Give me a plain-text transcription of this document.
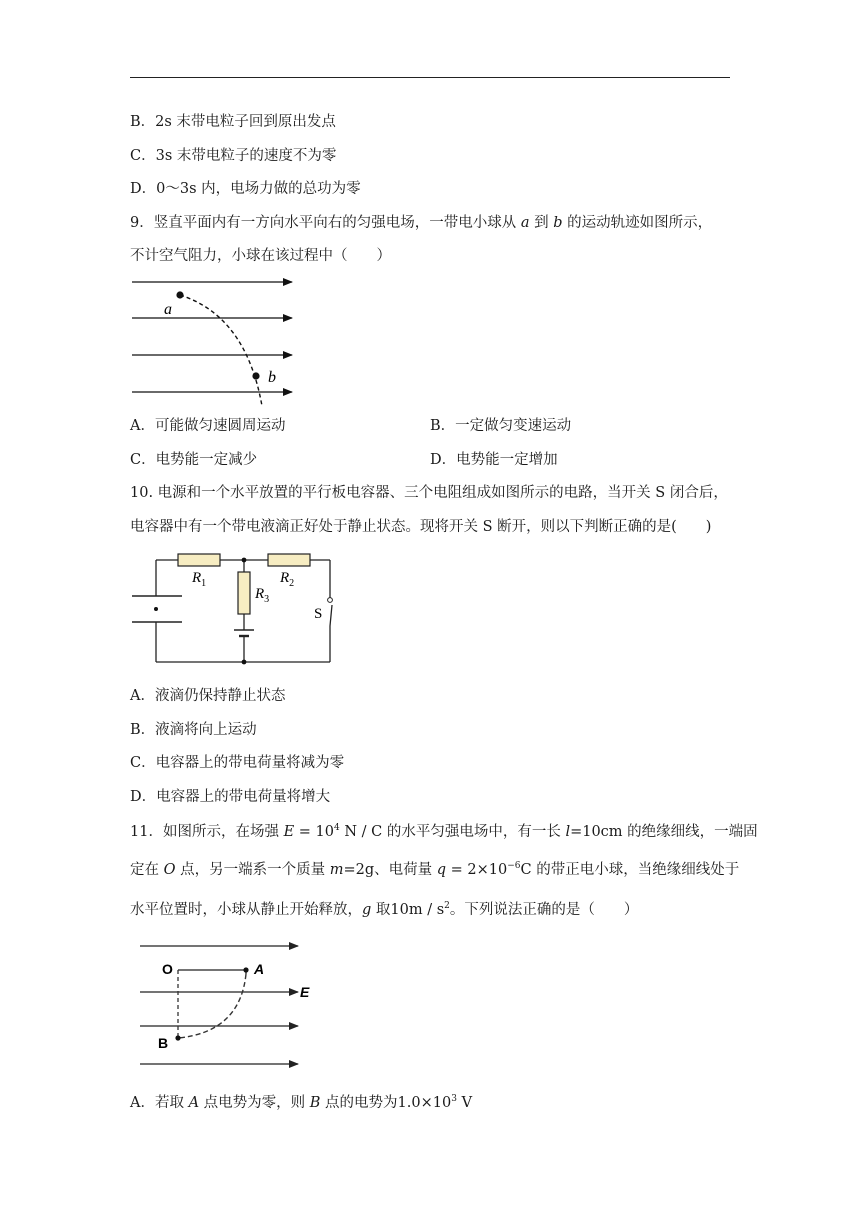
B．2s 末带电粒子回到原出发点
C．3s 末带电粒子的速度不为零
D．0～3s 内，电场力做的总功为零
9．竖直平面内有一方向水平向右的匀强电场，一带电小球从 a 到 b 的运动轨迹如图所示，
不计空气阻力，小球在该过程中（　　）
a
b
A．可能做匀速圆周运动	B．一定做匀变速运动
C．电势能一定减少	D．电势能一定增加
10. 电源和一个水平放置的平行板电容器、三个电阻组成如图所示的电路，当开关 S 闭合后，
电容器中有一个带电液滴正好处于静止状态。现将开关 S 断开，则以下判断正确的是(　　)
$R_1$	$R_2$
$R_3$
S
A．液滴仍保持静止状态
B．液滴将向上运动
C．电容器上的带电荷量将减为零
D．电容器上的带电荷量将增大
11．如图所示，在场强 $E = 10^4$ N / C 的水平匀强电场中，有一长 l=10cm 的绝缘细线，一端固
定在 O 点，另一端系一个质量 m=2g、电荷量 $q = 2\times 10^{-6}C$ 的带正电小球，当绝缘细线处于
水平位置时，小球从静止开始释放，g 取$10m / s^2$。下列说法正确的是（　　）
O	A
B
E
A．若取 A 点电势为零，则 B 点的电势为$1.0\times 10^3$ V
